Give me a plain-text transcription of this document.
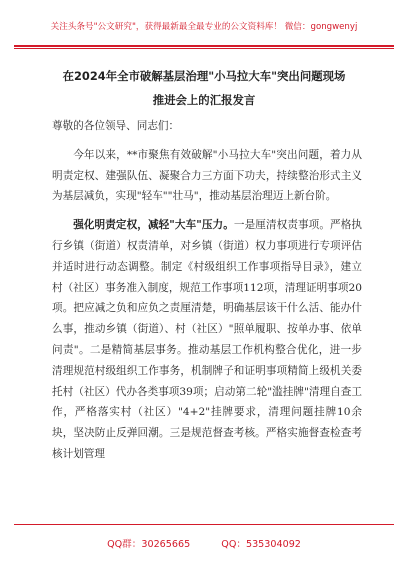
关注头条号"公文研究"，获得最新最全最专业的公文资料库！ 微信：gongwenyj
在2024年全市破解基层治理"小马拉大车"突出问题现场
推进会上的汇报发言

尊敬的各位领导、同志们：

今年以来，**市聚焦有效破解"小马拉大车"突出问题，着力从明责定权、建强队伍、凝聚合力三方面下功夫，持续整治形式主义为基层减负，实现"轻车""壮马"，推动基层治理迈上新台阶。

强化明责定权，减轻"大车"压力。一是厘清权责事项。严格执行乡镇（街道）权责清单，对乡镇（街道）权力事项进行专项评估并适时进行动态调整。制定《村级组织工作事项指导目录》，建立村（社区）事务准入制度，规范工作事项112项，清理证明事项20项。把应减之负和应负之责厘清楚，明确基层该干什么活、能办什么事，推动乡镇（街道）、村（社区）"照单履职、按单办事、依单问责"。二是精简基层事务。推动基层工作机构整合优化，进一步清理规范村级组织工作事务，机制牌子和证明事项精简上级机关委托村（社区）代办各类事项39项；启动第二轮"滥挂牌"清理自查工作，严格落实村（社区）"4+2"挂牌要求，清理问题挂牌10余块，坚决防止反弹回潮。三是规范督查考核。严格实施督查检查考核计划管理

QQ群：30265665	QQ：535304092
